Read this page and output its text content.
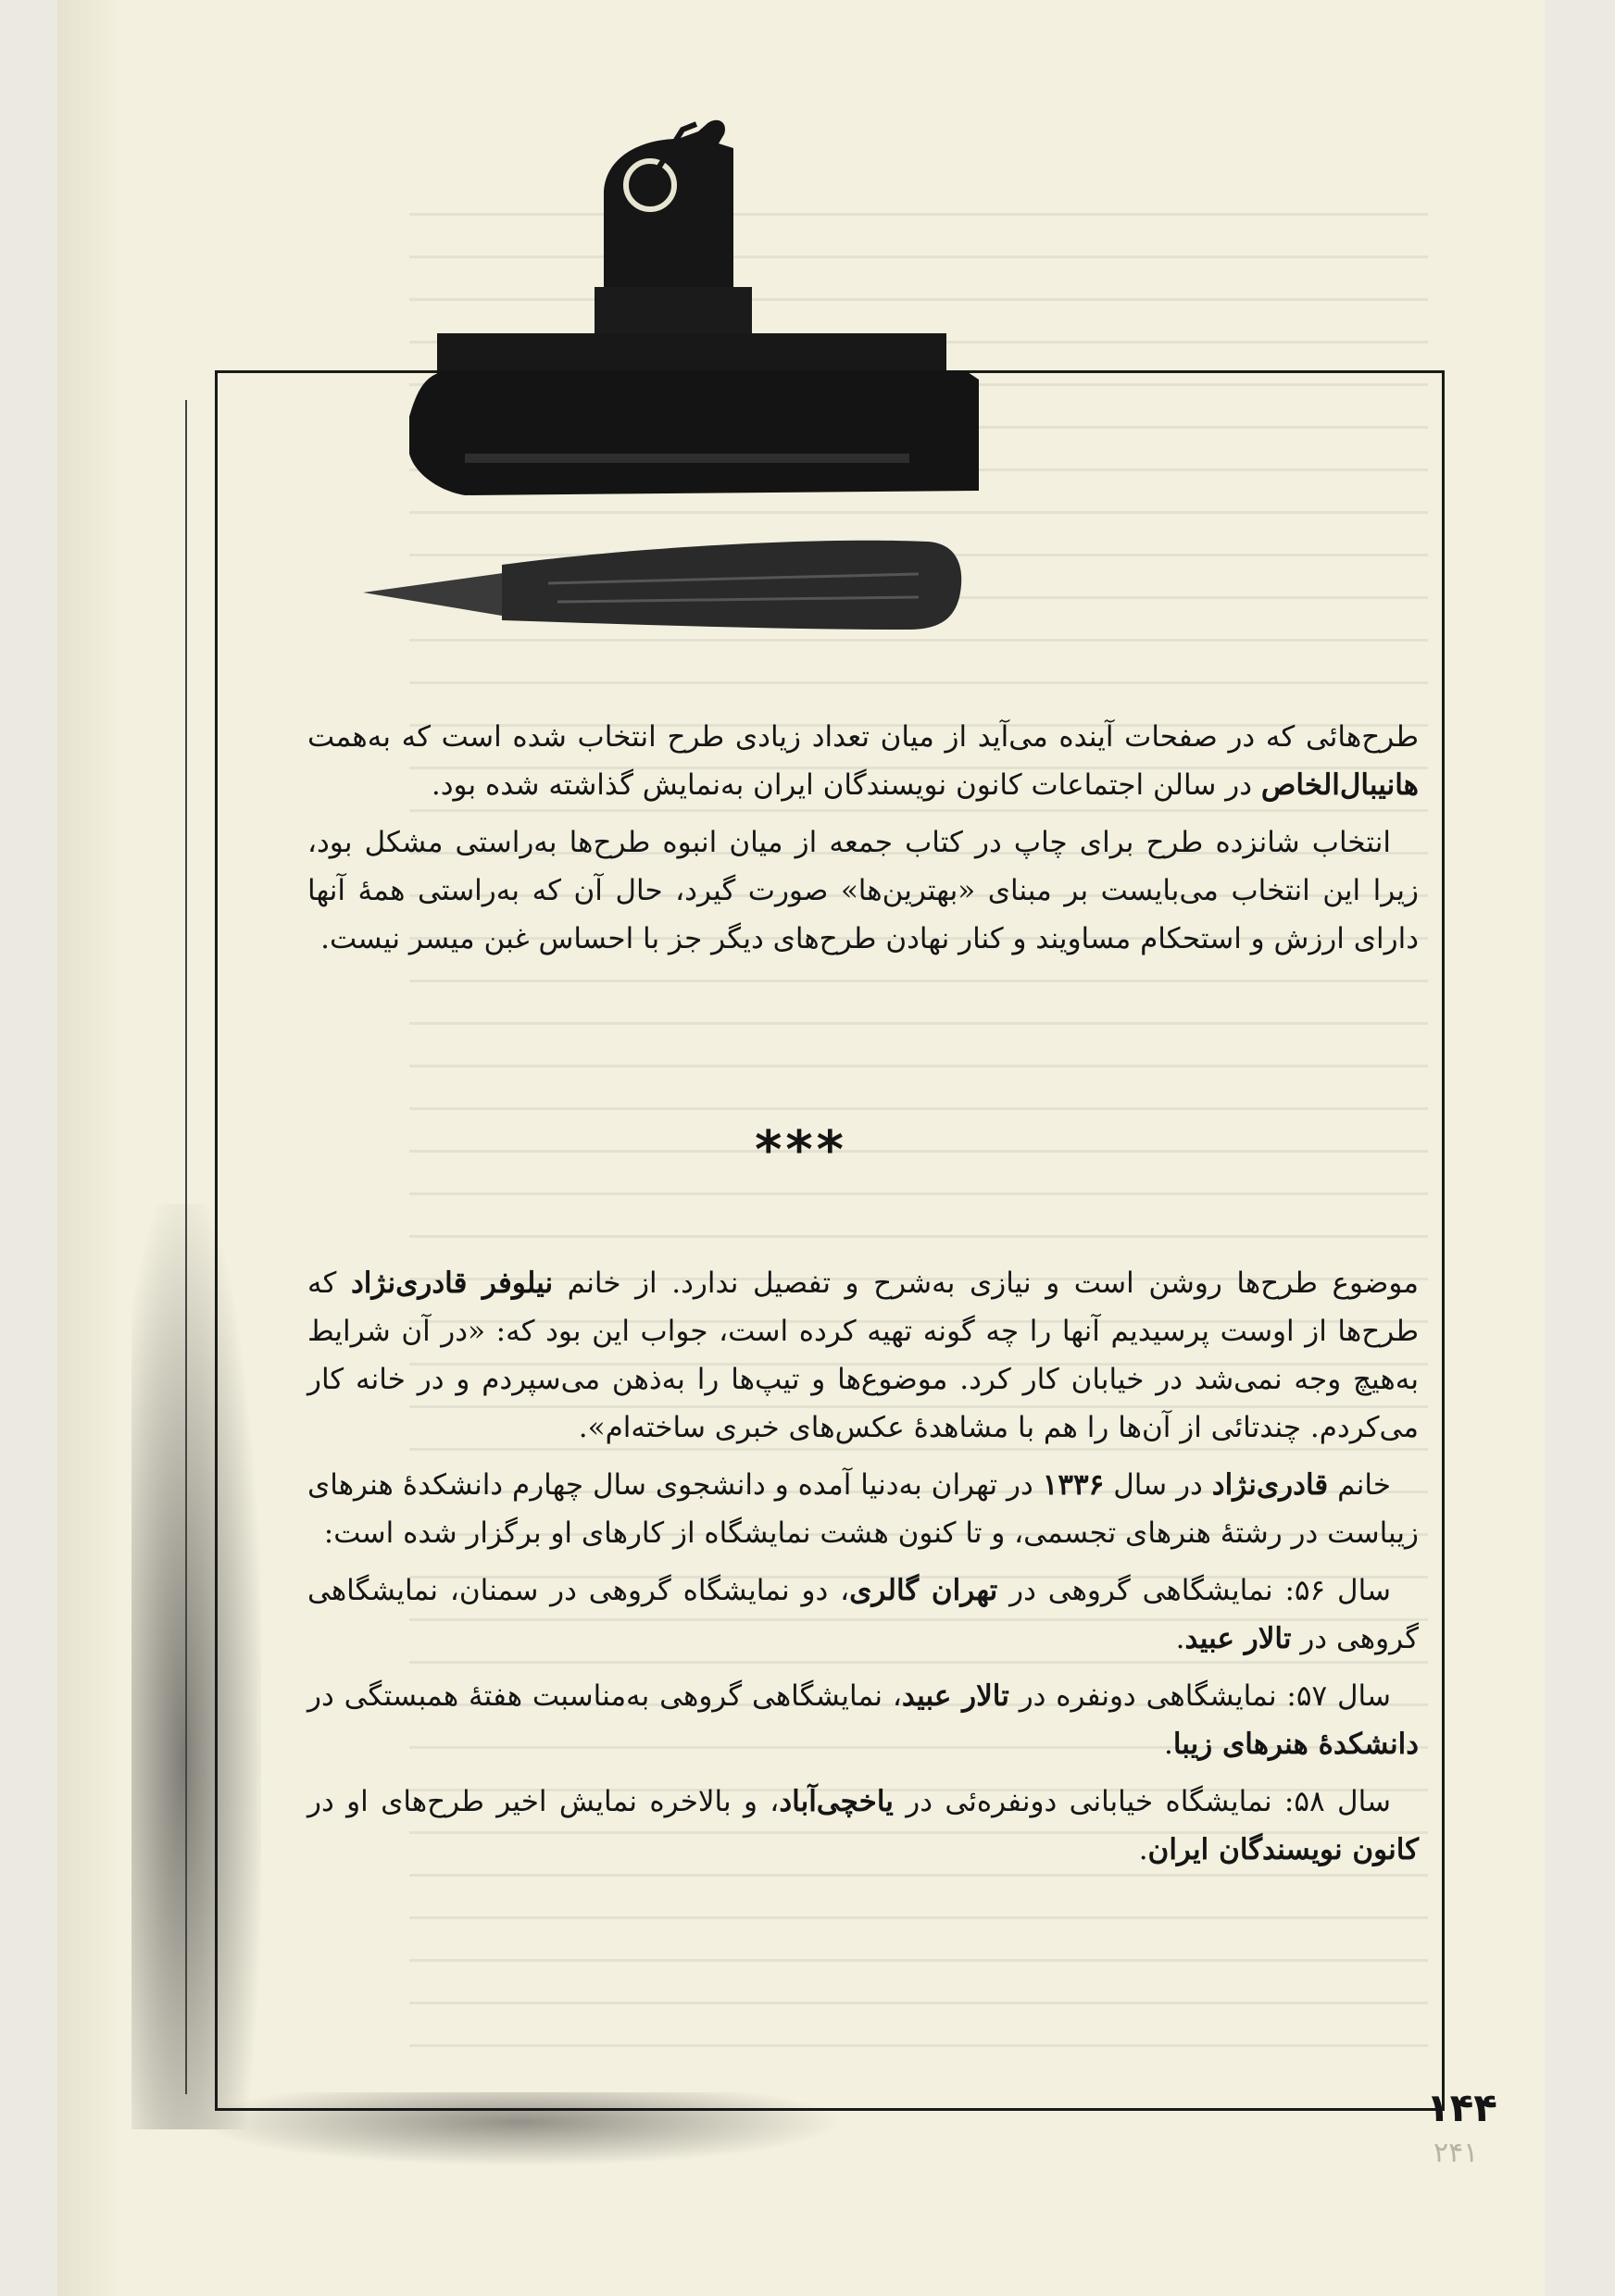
طرح‌هائی که در صفحات آینده می‌آید از میان تعداد زیادی طرح انتخاب شده است که به‌همت هانیبال‌الخاص در سالن اجتماعات کانون نویسندگان ایران به‌نمایش گذاشته شده بود.

انتخاب شانزده طرح برای چاپ در کتاب جمعه از میان انبوه طرح‌ها به‌راستی مشکل بود، زیرا این انتخاب می‌بایست بر مبنای «بهترین‌ها» صورت گیرد، حال آن که به‌راستی همهٔ آنها دارای ارزش و استحکام مساویند و کنار نهادن طرح‌های دیگر جز با احساس غبن میسر نیست.

***

موضوع طرح‌ها روشن است و نیازی به‌شرح و تفصیل ندارد. از خانم نیلوفر قادری‌نژاد که طرح‌ها از اوست پرسیدیم آنها را چه گونه تهیه کرده است، جواب این بود که: «در آن شرایط به‌هیچ وجه نمی‌شد در خیابان کار کرد. موضوع‌ها و تیپ‌ها را به‌ذهن می‌سپردم و در خانه کار می‌کردم. چندتائی از آن‌ها را هم با مشاهدهٔ عکس‌های خبری ساخته‌ام».

خانم قادری‌نژاد در سال ۱۳۳۶ در تهران به‌دنیا آمده و دانشجوی سال چهارم دانشکدهٔ هنرهای زیباست در رشتهٔ هنرهای تجسمی، و تا کنون هشت نمایشگاه از کارهای او برگزار شده است:

سال ۵۶: نمایشگاهی گروهی در تهران گالری، دو نمایشگاه گروهی در سمنان، نمایشگاهی گروهی در تالار عبید.

سال ۵۷: نمایشگاهی دونفره در تالار عبید، نمایشگاهی گروهی به‌مناسبت هفتهٔ همبستگی در دانشکدهٔ هنرهای زیبا.

سال ۵۸: نمایشگاه خیابانی دونفره‌ئی در یاخچی‌آباد، و بالاخره نمایش اخیر طرح‌های او در کانون نویسندگان ایران.

۱۴۴
۲۴۱
